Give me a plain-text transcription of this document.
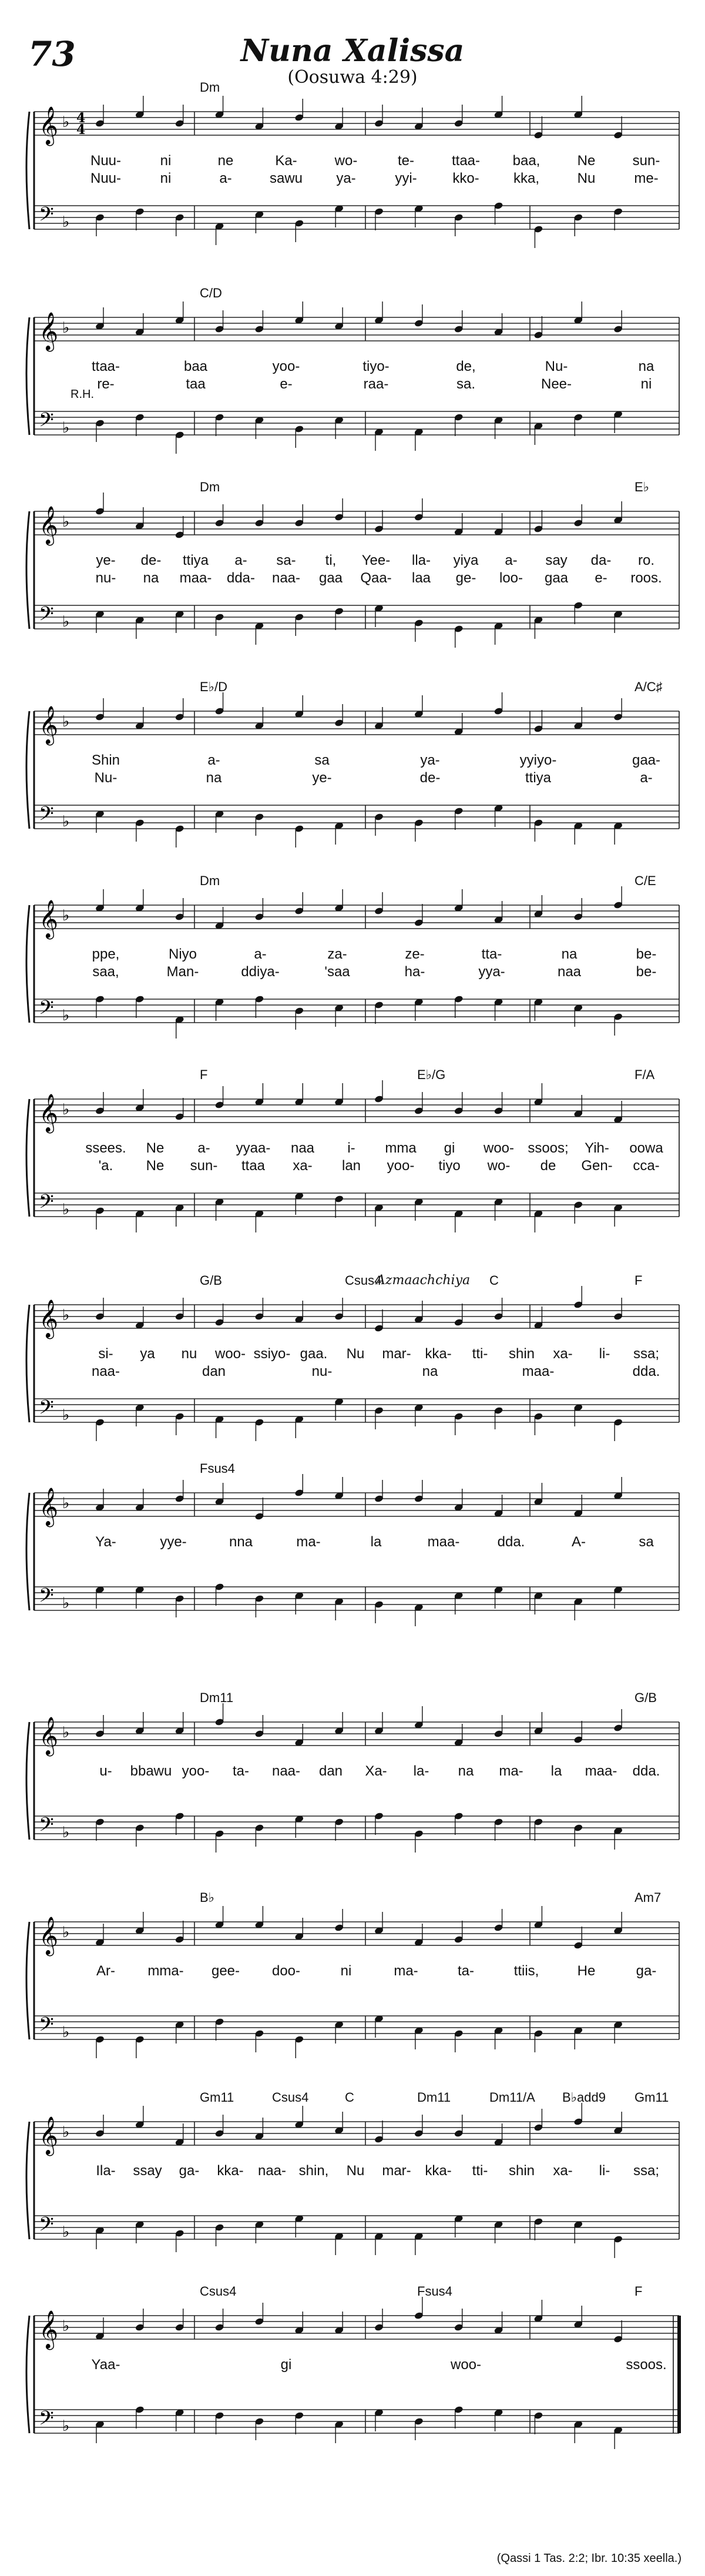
73	Nuna Xalissa
(Oosuwa 4:29)
𝄞
𝄢
♭
♭
4
4
Dm
Nuu-	ni	ne	Ka-	wo-	te-	ttaa- baa,	Ne	sun-
Nuu-	ni	a-	sawu ya-	yyi-	kko- kka,	Nu	me-
𝄞
𝄢
♭
♭
C/D
R.H.
ttaa-	baa	yoo-	tiyo-	de,	Nu-	na
re-	taa	e-	raa-	sa.	Nee-	ni
𝄞
𝄢
♭
♭
Dm	E♭
ye- de- ttiya a- sa- ti, Yee- lla- yiya a- say da- ro.
nu- na maa- dda- naa- gaa Qaa- laa ge- loo- gaa e- roos.
𝄞
𝄢
♭
♭
E♭/D	A/C♯
Shin	a-	sa	ya-	yyiyo-	gaa-
Nu-	na	ye-	de-	ttiya	a-
𝄞
𝄢
♭
♭
Dm	C/E
ppe,	Niyo	a-	za-	ze-	tta-	na	be-
saa,	Man-	ddiya-	'saa	ha-	yya-	naa	be-
𝄞
𝄢
♭
♭
F	E♭/G	F/A
ssees. Ne a- yyaa- naa i- mma gi woo- ssoos; Yih- oowa
'a. Ne sun- ttaa xa- lan yoo- tiyo wo- de Gen- cca-
𝄞
𝄢
♭
♭
G/B	Csus4	C	F
Azmaachchiya
si- ya nu woo- ssiyo- gaa. Nu mar- kka- tti- shin xa- li- ssa;
naa-	dan	nu-	na	maa-	dda.
𝄞
𝄢
♭
♭
Fsus4
Ya-	yye-	nna	ma-	la	maa-	dda.	A-	sa
𝄞
𝄢
♭
♭
Dm11	G/B
u- bbawu yoo- ta- naa- dan Xa- la- na ma- la maa- dda.
𝄞
𝄢
♭
♭
B♭	Am7
Ar- mma- gee- doo-	ni	ma-	ta-	ttiis,	He	ga-
𝄞
𝄢
♭
♭
Gm11	Csus4	C	Dm11	Dm11/A B♭add9 Gm11
Ila- ssay ga- kka- naa- shin, Nu mar- kka- tti- shin xa- li- ssa;
𝄞
𝄢
♭
♭
Csus4	Fsus4	F
Yaa-	gi	woo-	ssoos.
(Qassi 1 Tas. 2:2; Ibr. 10:35 xeella.)
